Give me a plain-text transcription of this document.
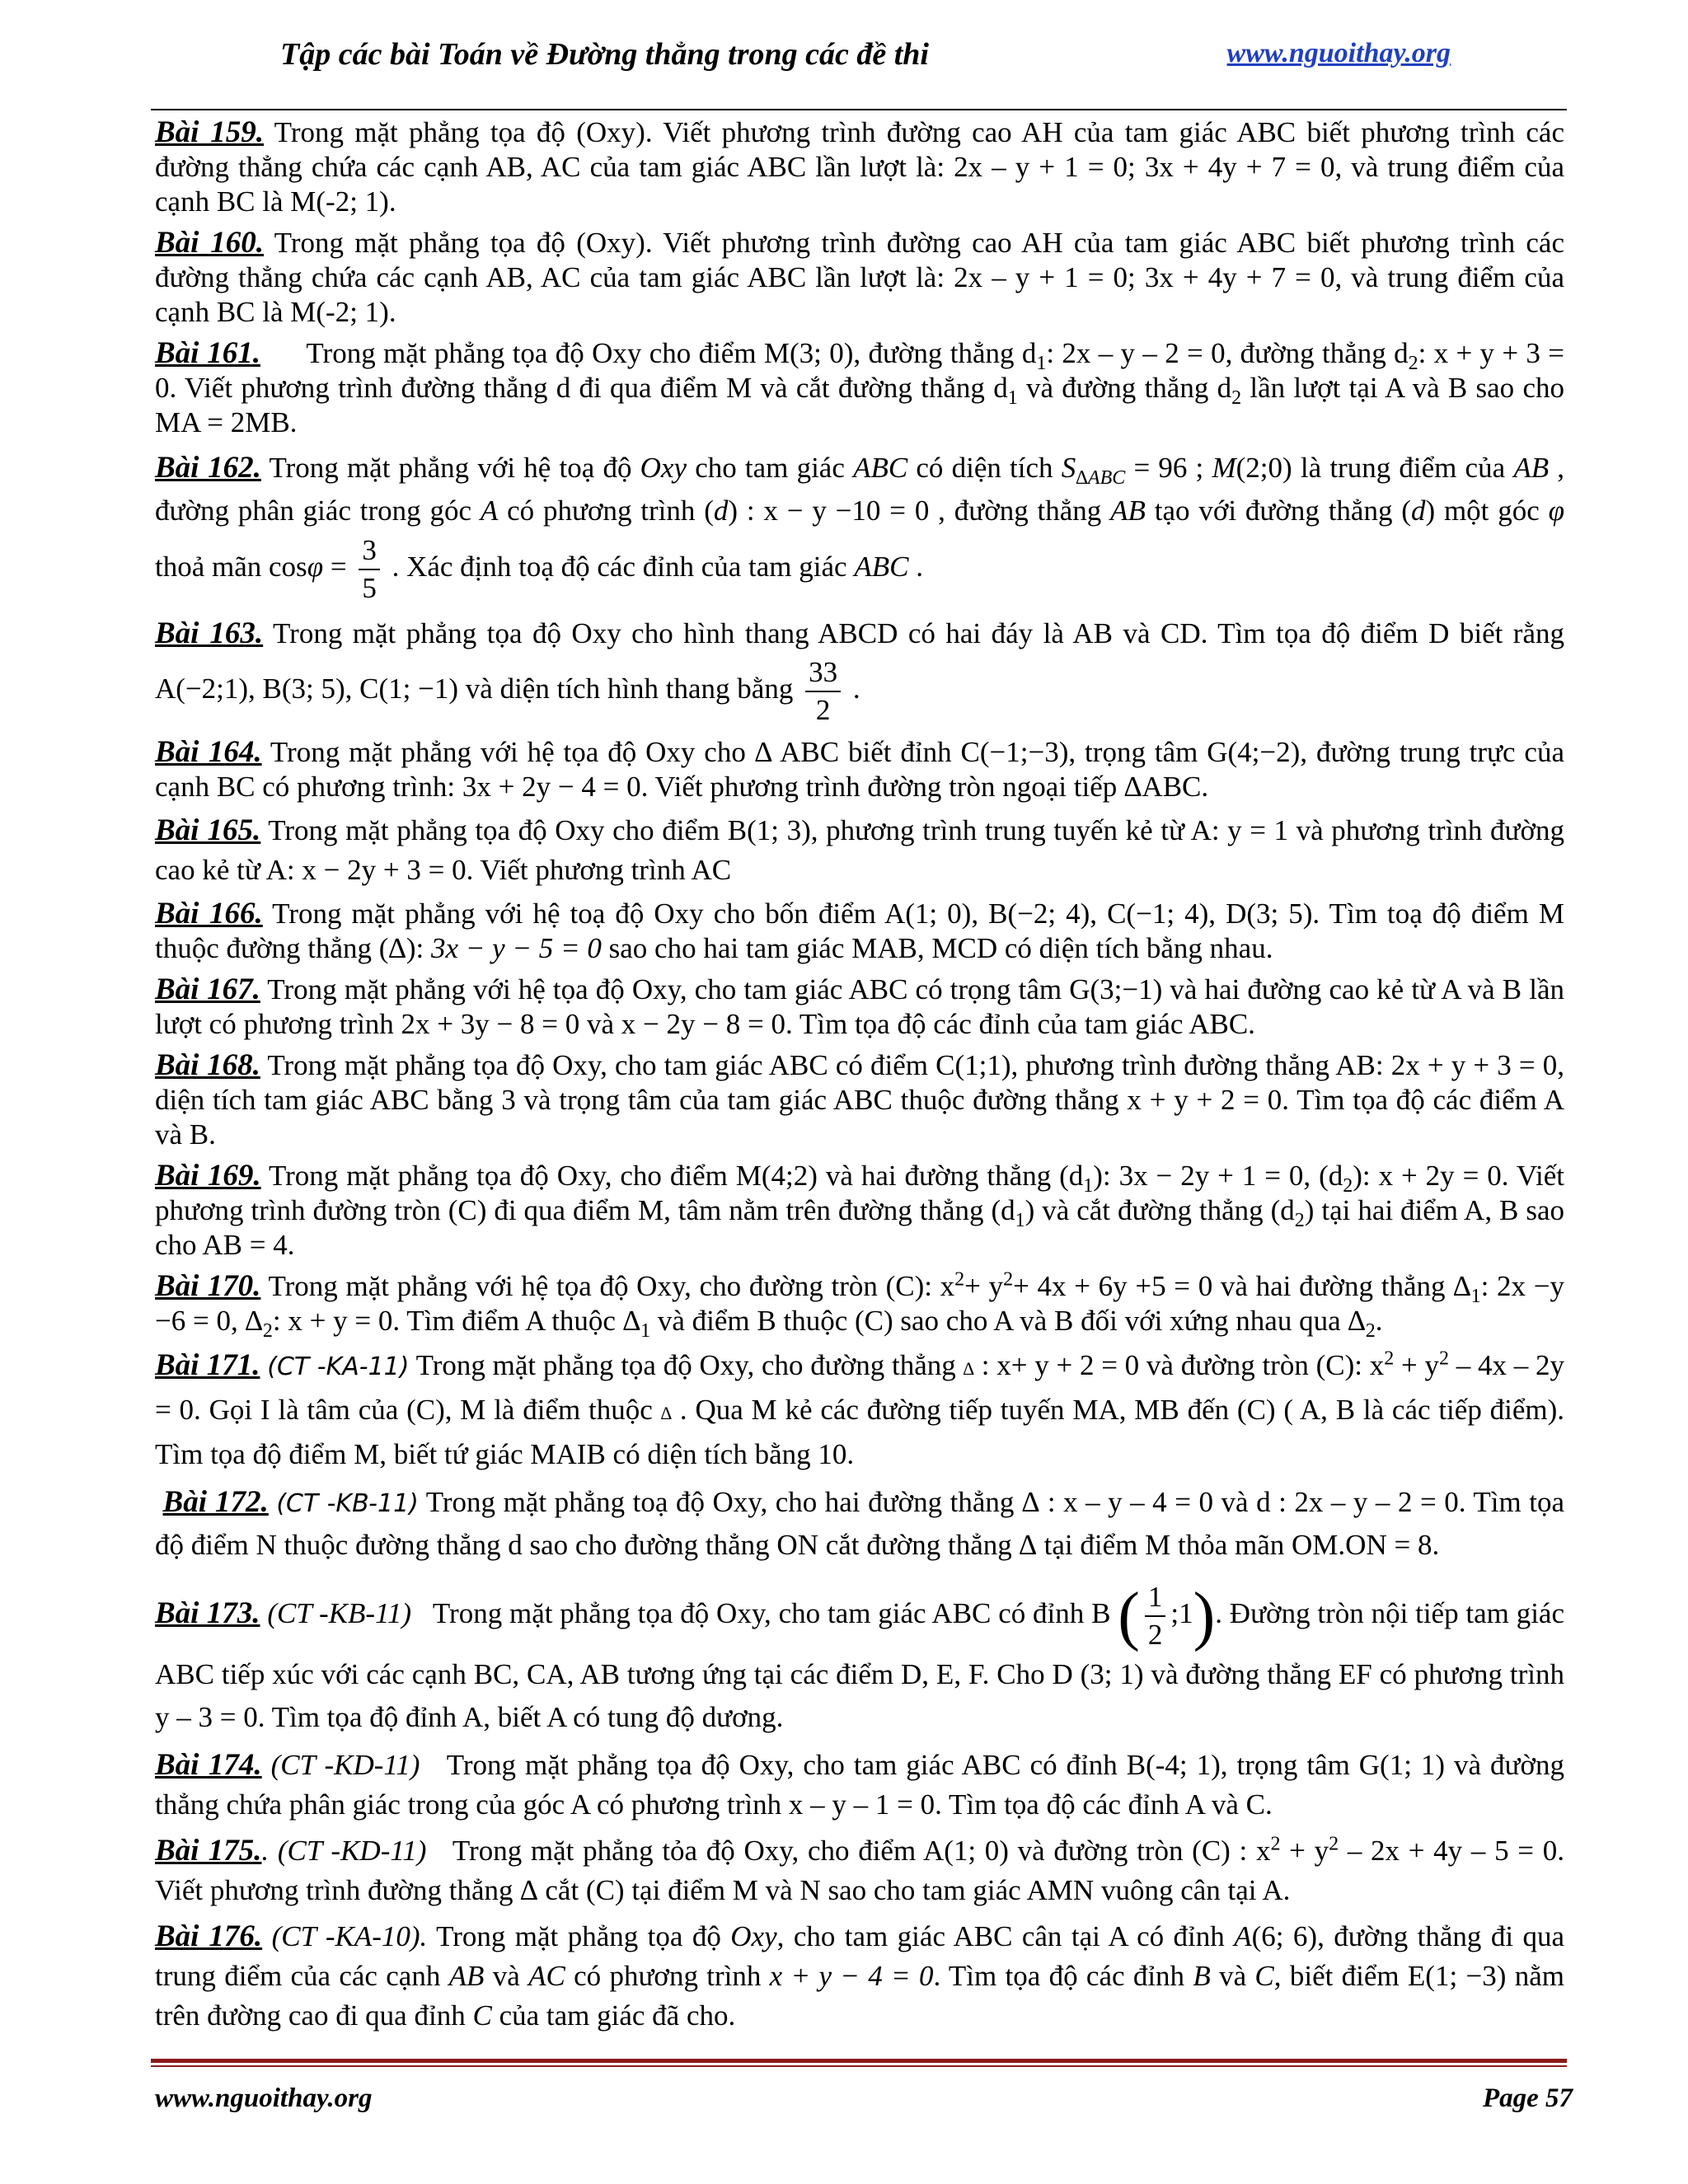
Tập các bài Toán về Đường thẳng trong các đề thi	www.nguoithay.org

Bài 159. Trong mặt phẳng tọa độ (Oxy). Viết phương trình đường cao AH của tam giác ABC biết phương trình các đường thẳng chứa các cạnh AB, AC của tam giác ABC lần lượt là: 2x – y + 1 = 0; 3x + 4y + 7 = 0, và trung điểm của cạnh BC là M(-2; 1).

Bài 160. Trong mặt phẳng tọa độ (Oxy). Viết phương trình đường cao AH của tam giác ABC biết phương trình các đường thẳng chứa các cạnh AB, AC của tam giác ABC lần lượt là: 2x – y + 1 = 0; 3x + 4y + 7 = 0, và trung điểm của cạnh BC là M(-2; 1).

Bài 161.      Trong mặt phẳng tọa độ Oxy cho điểm M(3; 0), đường thẳng $d_1$: 2x – y – 2 = 0, đường thẳng $d_2$: x + y + 3 = 0. Viết phương trình đường thẳng d đi qua điểm M và cắt đường thẳng $d_1$ và đường thẳng $d_2$ lần lượt tại A và B sao cho MA = 2MB.

Bài 162. Trong mặt phẳng với hệ toạ độ Oxy cho tam giác ABC có diện tích $S_{\Delta ABC} = 96$ ; M(2;0) là trung điểm của AB , đường phân giác trong góc A có phương trình (d) : x − y −10 = 0 , đường thẳng AB tạo với đường thẳng (d) một góc φ thoả mãn $\cos\varphi = \frac{3}{5}$ . Xác định toạ độ các đỉnh của tam giác ABC .

Bài 163. Trong mặt phẳng tọa độ Oxy cho hình thang ABCD có hai đáy là AB và CD. Tìm tọa độ điểm D biết rằng A(−2;1), B(3; 5), C(1; −1) và diện tích hình thang bằng $\frac{33}{2}$ .

Bài 164. Trong mặt phẳng với hệ tọa độ Oxy cho ∆ ABC biết đỉnh C(−1;−3), trọng tâm G(4;−2), đường trung trực của cạnh BC có phương trình: 3x + 2y − 4 = 0. Viết phương trình đường tròn ngoại tiếp ∆ABC.

Bài 165. Trong mặt phẳng tọa độ Oxy cho điểm B(1; 3), phương trình trung tuyến kẻ từ A: y = 1 và phương trình đường cao kẻ từ A: x − 2y + 3 = 0. Viết phương trình AC

Bài 166. Trong mặt phẳng với hệ toạ độ Oxy cho bốn điểm A(1; 0), B(−2; 4), C(−1; 4), D(3; 5). Tìm toạ độ điểm M thuộc đường thẳng (∆): 3x − y − 5 = 0 sao cho hai tam giác MAB, MCD có diện tích bằng nhau.

Bài 167. Trong mặt phẳng với hệ tọa độ Oxy, cho tam giác ABC có trọng tâm G(3;−1) và hai đường cao kẻ từ A và B lần lượt có phương trình 2x + 3y − 8 = 0 và x − 2y − 8 = 0. Tìm tọa độ các đỉnh của tam giác ABC.

Bài 168. Trong mặt phẳng tọa độ Oxy, cho tam giác ABC có điểm C(1;1), phương trình đường thẳng AB: 2x + y + 3 = 0, diện tích tam giác ABC bằng 3 và trọng tâm của tam giác ABC thuộc đường thẳng x + y + 2 = 0. Tìm tọa độ các điểm A và B.

Bài 169. Trong mặt phẳng tọa độ Oxy, cho điểm M(4;2) và hai đường thẳng $(d_1)$: 3x − 2y + 1 = 0, $(d_2)$: x + 2y = 0. Viết phương trình đường tròn (C) đi qua điểm M, tâm nằm trên đường thẳng $(d_1)$ và cắt đường thẳng $(d_2)$ tại hai điểm A, B sao cho AB = 4.

Bài 170. Trong mặt phẳng với hệ tọa độ Oxy, cho đường tròn (C): $x^2+ y^2+ 4x + 6y +5 = 0$ và hai đường thẳng $\Delta_1$: 2x −y −6 = 0, $\Delta_2$: x + y = 0. Tìm điểm A thuộc $\Delta_1$ và điểm B thuộc (C) sao cho A và B đối với xứng nhau qua $\Delta_2$.

Bài 171. (CT -KA-11) Trong mặt phẳng tọa độ Oxy, cho đường thẳng ∆ : x+ y + 2 = 0 và đường tròn (C): $x^2 + y^2 - 4x - 2y = 0$. Gọi I là tâm của (C), M là điểm thuộc ∆ . Qua M kẻ các đường tiếp tuyến MA, MB đến (C) ( A, B là các tiếp điểm). Tìm tọa độ điểm M, biết tứ giác MAIB có diện tích bằng 10.

Bài 172. (CT -KB-11) Trong mặt phẳng toạ độ Oxy, cho hai đường thẳng ∆ : x – y – 4 = 0 và d : 2x – y – 2 = 0. Tìm tọa độ điểm N thuộc đường thẳng d sao cho đường thẳng ON cắt đường thẳng ∆ tại điểm M thỏa mãn OM.ON = 8.

Bài 173. (CT -KB-11)   Trong mặt phẳng tọa độ Oxy, cho tam giác ABC có đỉnh B ( $\frac{1}{2}$ ;1). Đường tròn nội tiếp tam giác ABC tiếp xúc với các cạnh BC, CA, AB tương ứng tại các điểm D, E, F. Cho D (3; 1) và đường thẳng EF có phương trình y – 3 = 0. Tìm tọa độ đỉnh A, biết A có tung độ dương.

Bài 174. (CT -KD-11)   Trong mặt phẳng tọa độ Oxy, cho tam giác ABC có đỉnh B(-4; 1), trọng tâm G(1; 1) và đường thẳng chứa phân giác trong của góc A có phương trình x – y – 1 = 0. Tìm tọa độ các đỉnh A và C.

Bài 175.. (CT -KD-11)   Trong mặt phẳng tỏa độ Oxy, cho điểm A(1; 0) và đường tròn (C) : $x^2 + y^2 - 2x + 4y - 5 = 0$. Viết phương trình đường thẳng ∆ cắt (C) tại điểm M và N sao cho tam giác AMN vuông cân tại A.

Bài 176. (CT -KA-10). Trong mặt phẳng tọa độ Oxy, cho tam giác ABC cân tại A có đỉnh A(6; 6), đường thẳng đi qua trung điểm của các cạnh AB và AC có phương trình x + y − 4 = 0. Tìm tọa độ các đỉnh B và C, biết điểm E(1; −3) nằm trên đường cao đi qua đỉnh C của tam giác đã cho.

www.nguoithay.org	Page 57
